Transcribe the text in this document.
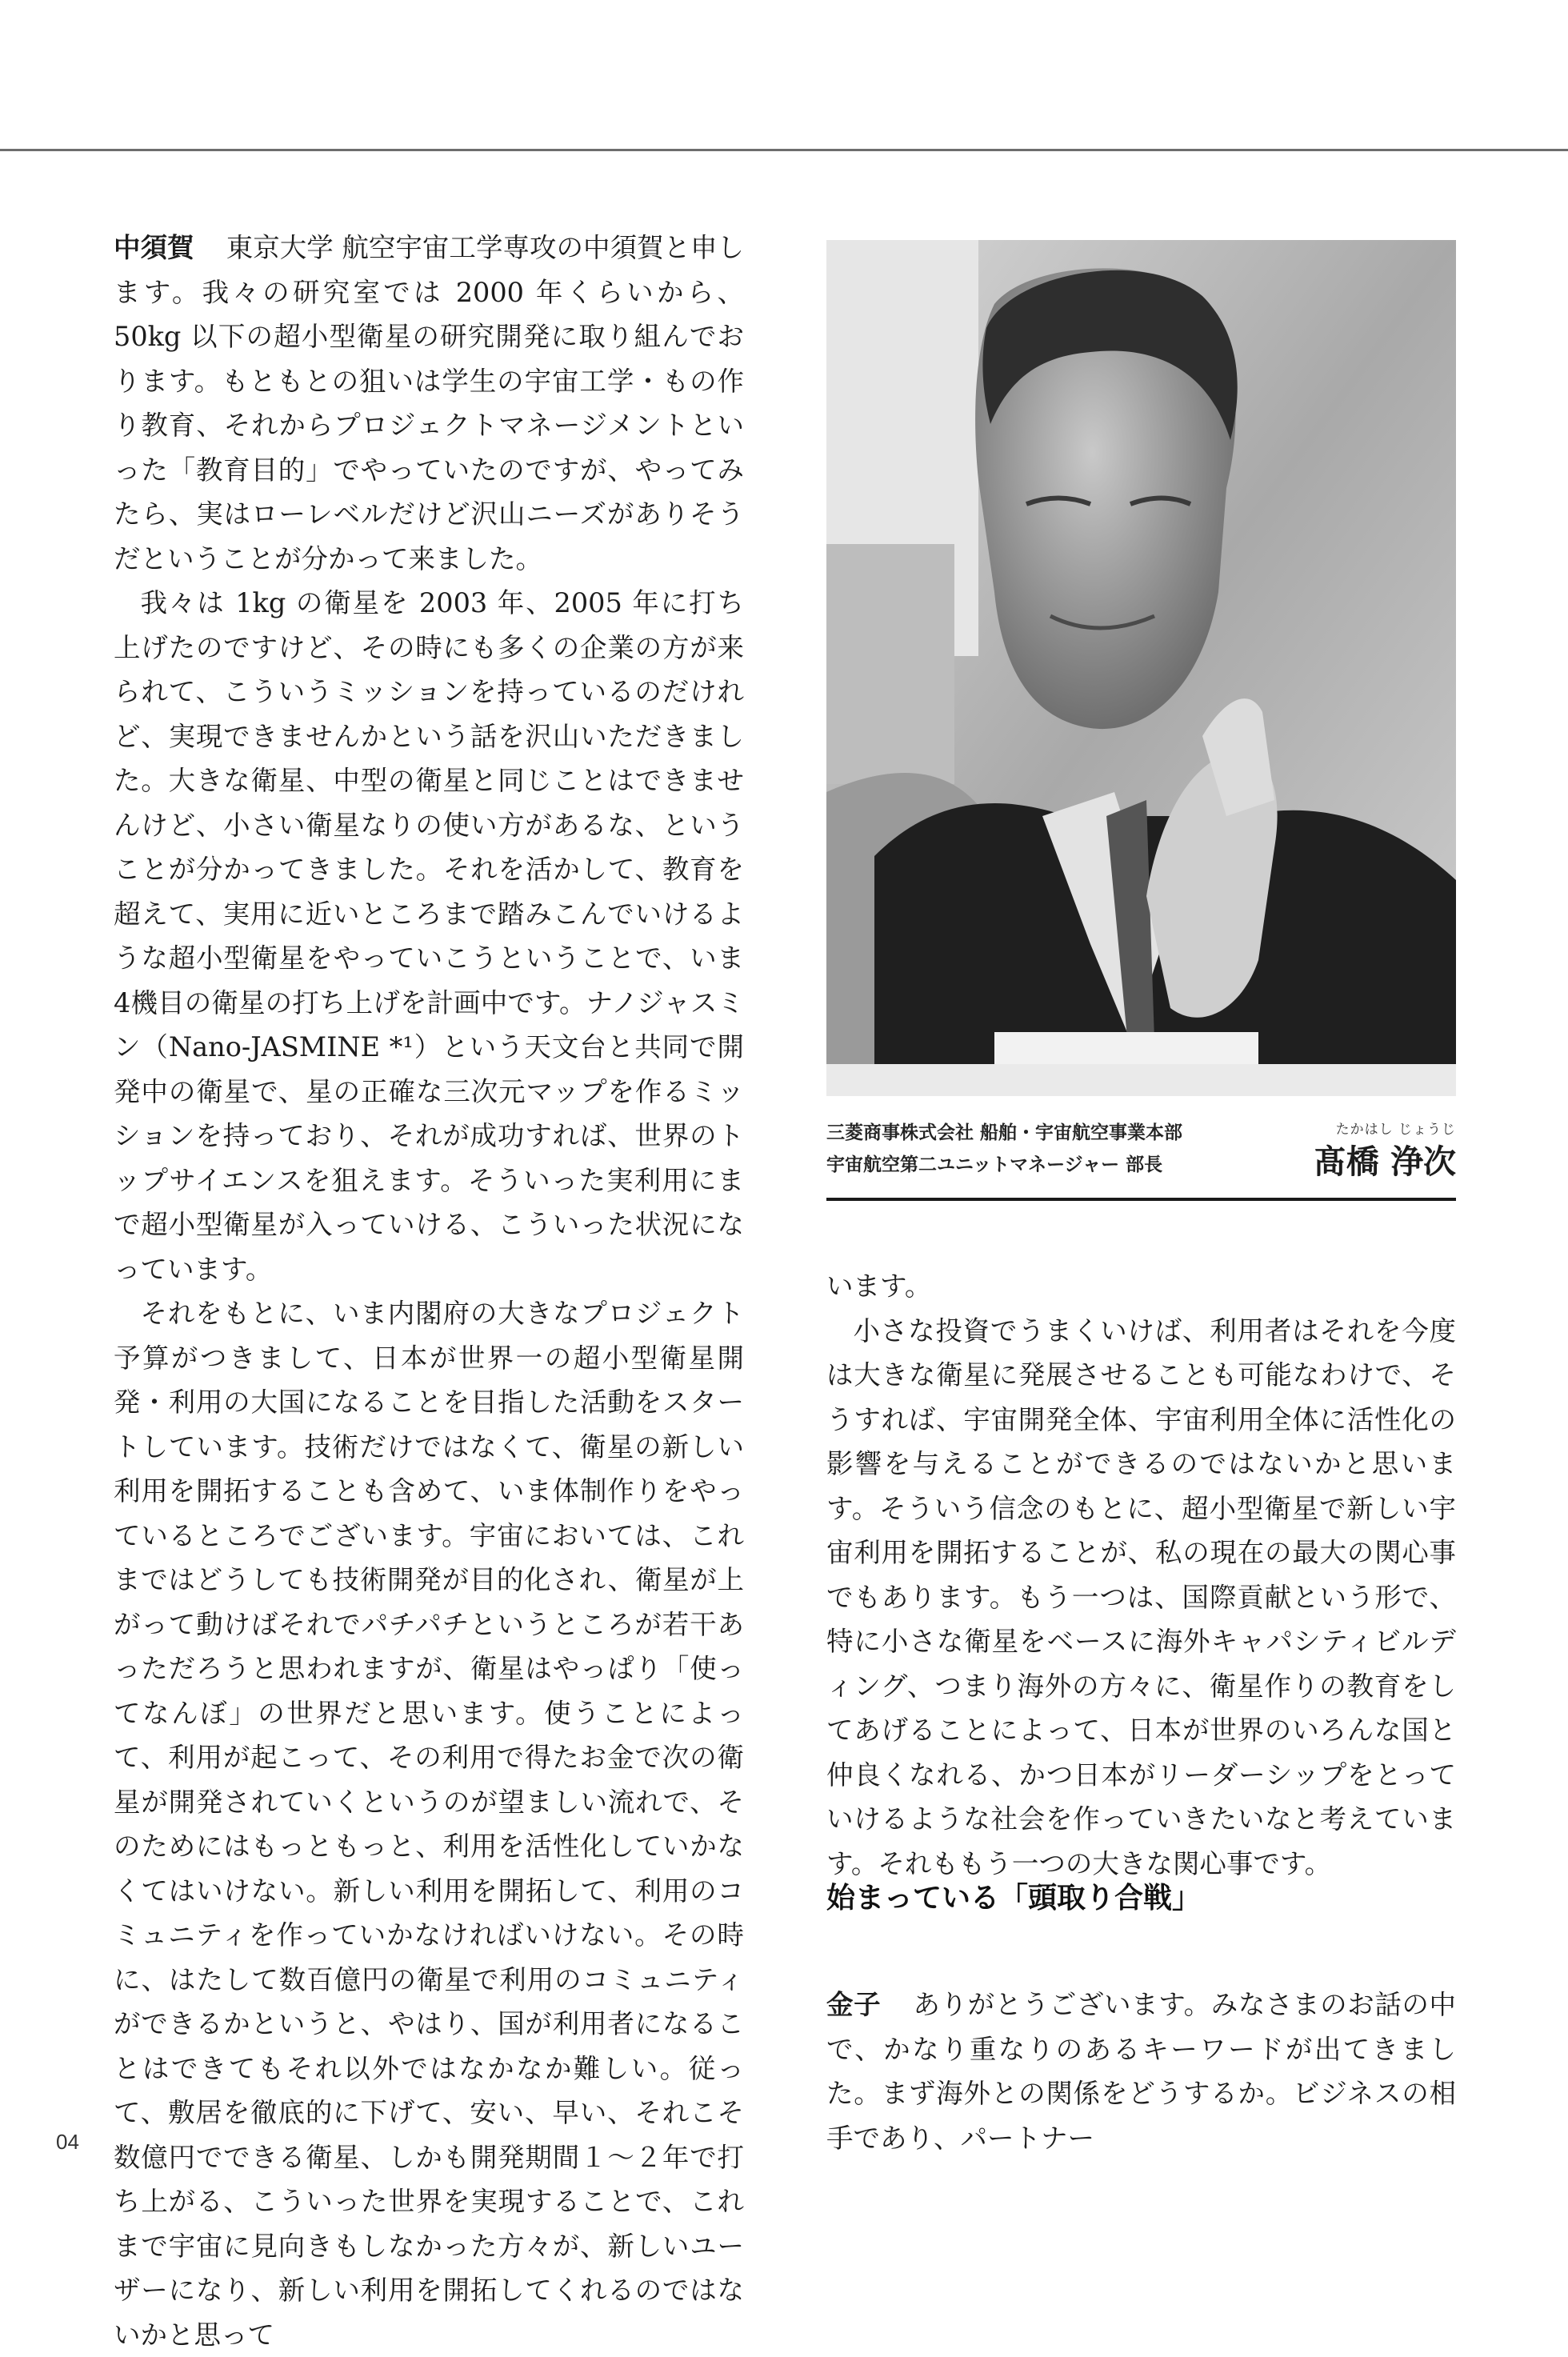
中須賀 東京大学 航空宇宙工学専攻の中須賀と申します。我々の研究室では 2000 年くらいから、50kg 以下の超小型衛星の研究開発に取り組んでおります。もともとの狙いは学生の宇宙工学・もの作り教育、それからプロジェクトマネージメントといった「教育目的」でやっていたのですが、やってみたら、実はローレベルだけど沢山ニーズがありそうだということが分かって来ました。

我々は 1kg の衛星を 2003 年、2005 年に打ち上げたのですけど、その時にも多くの企業の方が来られて、こういうミッションを持っているのだけれど、実現できませんかという話を沢山いただきました。大きな衛星、中型の衛星と同じことはできませんけど、小さい衛星なりの使い方があるな、ということが分かってきました。それを活かして、教育を超えて、実用に近いところまで踏みこんでいけるような超小型衛星をやっていこうということで、いま4機目の衛星の打ち上げを計画中です。ナノジャスミン（Nano-JASMINE *¹）という天文台と共同で開発中の衛星で、星の正確な三次元マップを作るミッションを持っており、それが成功すれば、世界のトップサイエンスを狙えます。そういった実利用にまで超小型衛星が入っていける、こういった状況になっています。

それをもとに、いま内閣府の大きなプロジェクト予算がつきまして、日本が世界一の超小型衛星開発・利用の大国になることを目指した活動をスタートしています。技術だけではなくて、衛星の新しい利用を開拓することも含めて、いま体制作りをやっているところでございます。宇宙においては、これまではどうしても技術開発が目的化され、衛星が上がって動けばそれでパチパチというところが若干あっただろうと思われますが、衛星はやっぱり「使ってなんぼ」の世界だと思います。使うことによって、利用が起こって、その利用で得たお金で次の衛星が開発されていくというのが望ましい流れで、そのためにはもっともっと、利用を活性化していかなくてはいけない。新しい利用を開拓して、利用のコミュニティを作っていかなければいけない。その時に、はたして数百億円の衛星で利用のコミュニティができるかというと、やはり、国が利用者になることはできてもそれ以外ではなかなか難しい。従って、敷居を徹底的に下げて、安い、早い、それこそ数億円でできる衛星、しかも開発期間１～２年で打ち上がる、こういった世界を実現することで、これまで宇宙に見向きもしなかった方々が、新しいユーザーになり、新しい利用を開拓してくれるのではないかと思って

三菱商事株式会社 船舶・宇宙航空事業本部
宇宙航空第二ユニットマネージャー 部長
たかはし じょうじ
髙橋 浄次

います。

小さな投資でうまくいけば、利用者はそれを今度は大きな衛星に発展させることも可能なわけで、そうすれば、宇宙開発全体、宇宙利用全体に活性化の影響を与えることができるのではないかと思います。そういう信念のもとに、超小型衛星で新しい宇宙利用を開拓することが、私の現在の最大の関心事でもあります。もう一つは、国際貢献という形で、特に小さな衛星をベースに海外キャパシティビルディング、つまり海外の方々に、衛星作りの教育をしてあげることによって、日本が世界のいろんな国と仲良くなれる、かつ日本がリーダーシップをとっていけるような社会を作っていきたいなと考えています。それももう一つの大きな関心事です。

始まっている「頭取り合戦」

金子 ありがとうございます。みなさまのお話の中で、かなり重なりのあるキーワードが出てきました。まず海外との関係をどうするか。ビジネスの相手であり、パートナー

04
